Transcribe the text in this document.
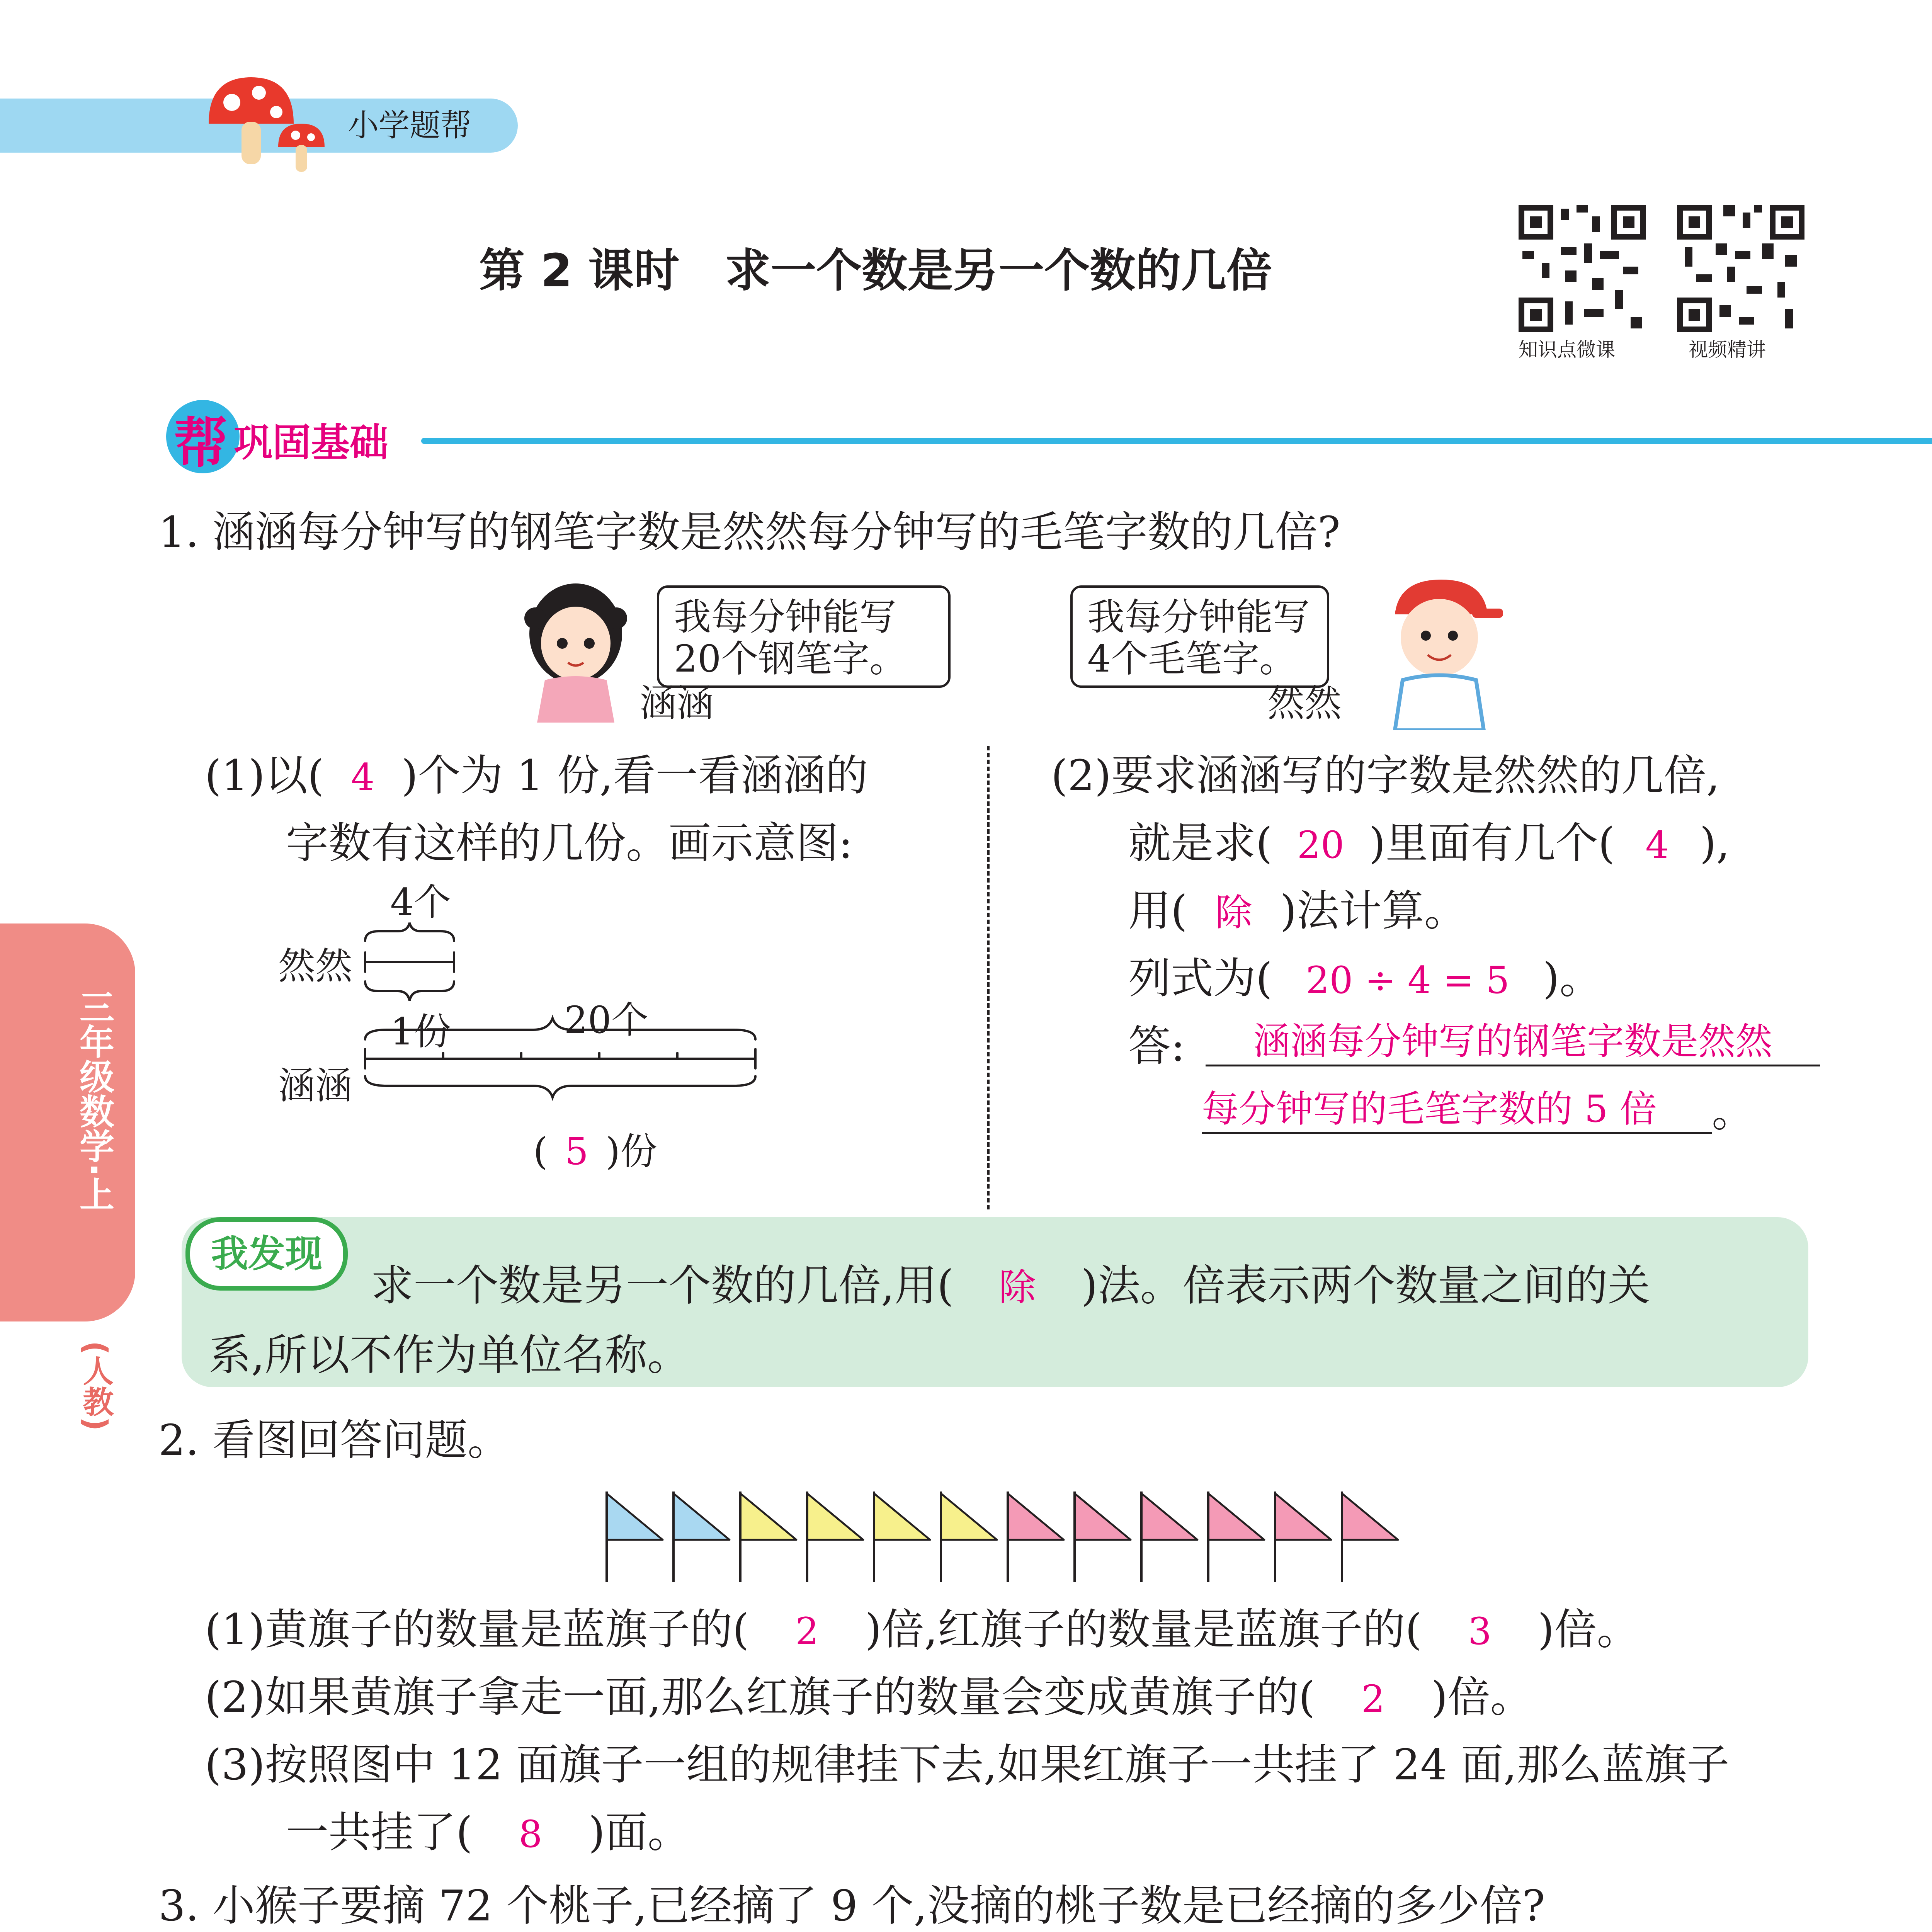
小学题帮
第 2 课时　求一个数是另一个数的几倍
知识点微课	视频精讲
三年级数学·上
(人教)
帮 巩固基础
1. 涵涵每分钟写的钢笔字数是然然每分钟写的毛笔字数的几倍?
我每分钟能写
20个钢笔字。
涵涵
我每分钟能写
4个毛笔字。
然然
(1)以( 4 )个为 1 份,看一看涵涵的
字数有这样的几份。画示意图:
4个
然然
1份	20个
涵涵
( 5 )份
(2)要求涵涵写的字数是然然的几倍,
就是求( 20 )里面有几个( 4 ),
用( 除 )法计算。
列式为( 20 ÷ 4 = 5 )。
答:	涵涵每分钟写的钢笔字数是然然
每分钟写的毛笔字数的 5 倍	。
我发现
求一个数是另一个数的几倍,用( 除 )法。倍表示两个数量之间的关
系,所以不作为单位名称。
2. 看图回答问题。
(1)黄旗子的数量是蓝旗子的( 2 )倍,红旗子的数量是蓝旗子的( 3 )倍。
(2)如果黄旗子拿走一面,那么红旗子的数量会变成黄旗子的( 2 )倍。
(3)按照图中 12 面旗子一组的规律挂下去,如果红旗子一共挂了 24 面,那么蓝旗子
一共挂了( 8 )面。
3. 小猴子要摘 72 个桃子,已经摘了 9 个,没摘的桃子数是已经摘的多少倍?
